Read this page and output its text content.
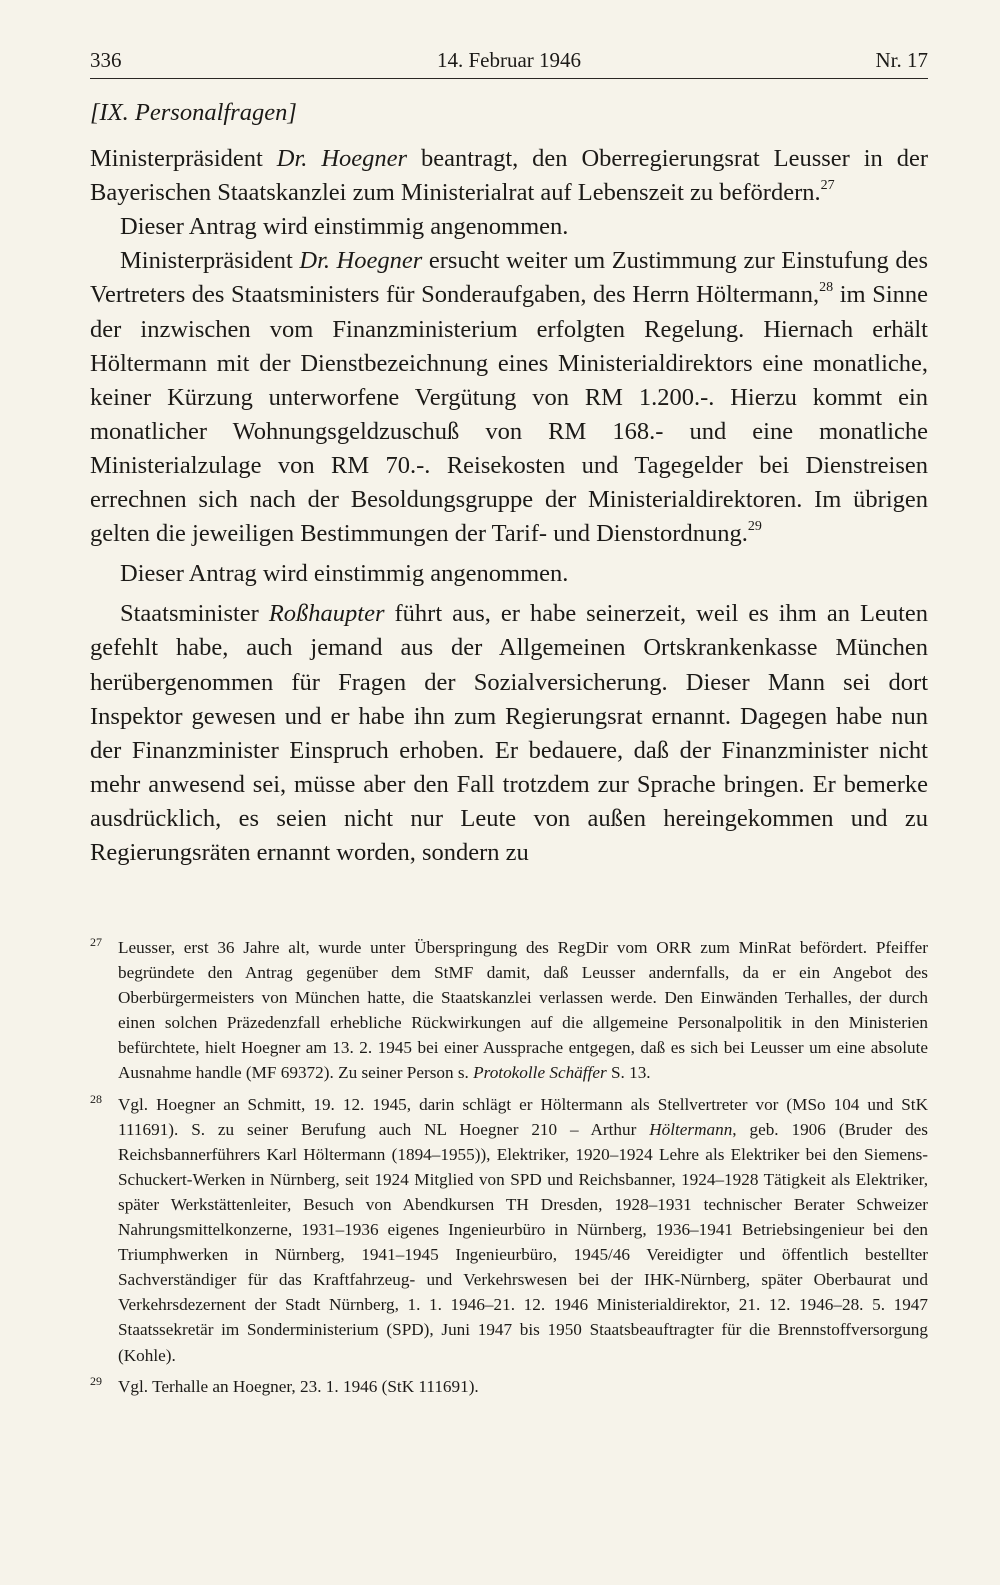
336	14. Februar 1946	Nr. 17

[IX. Personalfragen]

Ministerpräsident Dr. Hoegner beantragt, den Oberregierungsrat Leusser in der Bayerischen Staatskanzlei zum Ministerialrat auf Lebenszeit zu befördern.$^{27}$

Dieser Antrag wird einstimmig angenommen.

Ministerpräsident Dr. Hoegner ersucht weiter um Zustimmung zur Einstufung des Vertreters des Staatsministers für Sonderaufgaben, des Herrn Höltermann,$^{28}$ im Sinne der inzwischen vom Finanzministerium erfolgten Regelung. Hiernach erhält Höltermann mit der Dienstbezeichnung eines Ministerialdirektors eine monatliche, keiner Kürzung unterworfene Vergütung von RM 1.200.-. Hierzu kommt ein monatlicher Wohnungsgeldzuschuß von RM 168.- und eine monatliche Ministerialzulage von RM 70.-. Reisekosten und Tagegelder bei Dienstreisen errechnen sich nach der Besoldungsgruppe der Ministerialdirektoren. Im übrigen gelten die jeweiligen Bestimmungen der Tarif- und Dienstordnung.$^{29}$

Dieser Antrag wird einstimmig angenommen.

Staatsminister Roßhaupter führt aus, er habe seinerzeit, weil es ihm an Leuten gefehlt habe, auch jemand aus der Allgemeinen Ortskrankenkasse München herübergenommen für Fragen der Sozialversicherung. Dieser Mann sei dort Inspektor gewesen und er habe ihn zum Regierungsrat ernannt. Dagegen habe nun der Finanzminister Einspruch erhoben. Er bedauere, daß der Finanzminister nicht mehr anwesend sei, müsse aber den Fall trotzdem zur Sprache bringen. Er bemerke ausdrücklich, es seien nicht nur Leute von außen hereingekommen und zu Regierungsräten ernannt worden, sondern zu

27 Leusser, erst 36 Jahre alt, wurde unter Überspringung des RegDir vom ORR zum MinRat befördert. Pfeiffer begründete den Antrag gegenüber dem StMF damit, daß Leusser andernfalls, da er ein Angebot des Oberbürgermeisters von München hatte, die Staatskanzlei verlassen werde. Den Einwänden Terhalles, der durch einen solchen Präzedenzfall erhebliche Rückwirkungen auf die allgemeine Personalpolitik in den Ministerien befürchtete, hielt Hoegner am 13. 2. 1945 bei einer Aussprache entgegen, daß es sich bei Leusser um eine absolute Ausnahme handle (MF 69372). Zu seiner Person s. Protokolle Schäffer S. 13.

28 Vgl. Hoegner an Schmitt, 19. 12. 1945, darin schlägt er Höltermann als Stellvertreter vor (MSo 104 und StK 111691). S. zu seiner Berufung auch NL Hoegner 210 – Arthur Höltermann, geb. 1906 (Bruder des Reichsbannerführers Karl Höltermann (1894–1955)), Elektriker, 1920–1924 Lehre als Elektriker bei den Siemens-Schuckert-Werken in Nürnberg, seit 1924 Mitglied von SPD und Reichsbanner, 1924–1928 Tätigkeit als Elektriker, später Werkstättenleiter, Besuch von Abendkursen TH Dresden, 1928–1931 technischer Berater Schweizer Nahrungsmittelkonzerne, 1931–1936 eigenes Ingenieurbüro in Nürnberg, 1936–1941 Betriebsingenieur bei den Triumphwerken in Nürnberg, 1941–1945 Ingenieurbüro, 1945/46 Vereidigter und öffentlich bestellter Sachverständiger für das Kraftfahrzeug- und Verkehrswesen bei der IHK-Nürnberg, später Oberbaurat und Verkehrsdezernent der Stadt Nürnberg, 1. 1. 1946–21. 12. 1946 Ministerialdirektor, 21. 12. 1946–28. 5. 1947 Staatssekretär im Sonderministerium (SPD), Juni 1947 bis 1950 Staatsbeauftragter für die Brennstoffversorgung (Kohle).

29 Vgl. Terhalle an Hoegner, 23. 1. 1946 (StK 111691).
